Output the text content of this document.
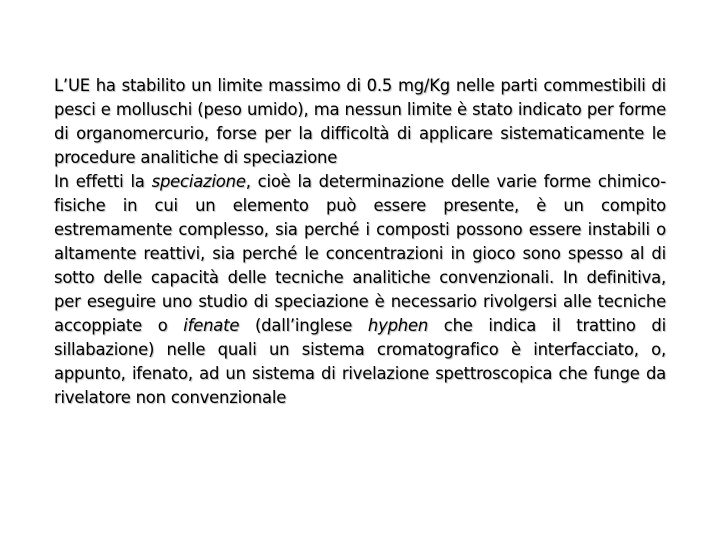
L’UE ha stabilito un limite massimo di 0.5 mg/Kg nelle parti commestibili di pesci e molluschi (peso umido), ma nessun limite è stato indicato per forme di organomercurio, forse per la difficoltà di applicare sistematicamente le procedure analitiche di speciazione

In effetti la speciazione, cioè la determinazione delle varie forme chimico-fisiche in cui un elemento può essere presente, è un compito estremamente complesso, sia perché i composti possono essere instabili o altamente reattivi, sia perché le concentrazioni in gioco sono spesso al di sotto delle capacità delle tecniche analitiche convenzionali. In definitiva, per eseguire uno studio di speciazione è necessario rivolgersi alle tecniche accoppiate o ifenate (dall’inglese hyphen che indica il trattino di sillabazione) nelle quali un sistema cromatografico è interfacciato, o, appunto, ifenato, ad un sistema di rivelazione spettroscopica che funge da rivelatore non convenzionale
